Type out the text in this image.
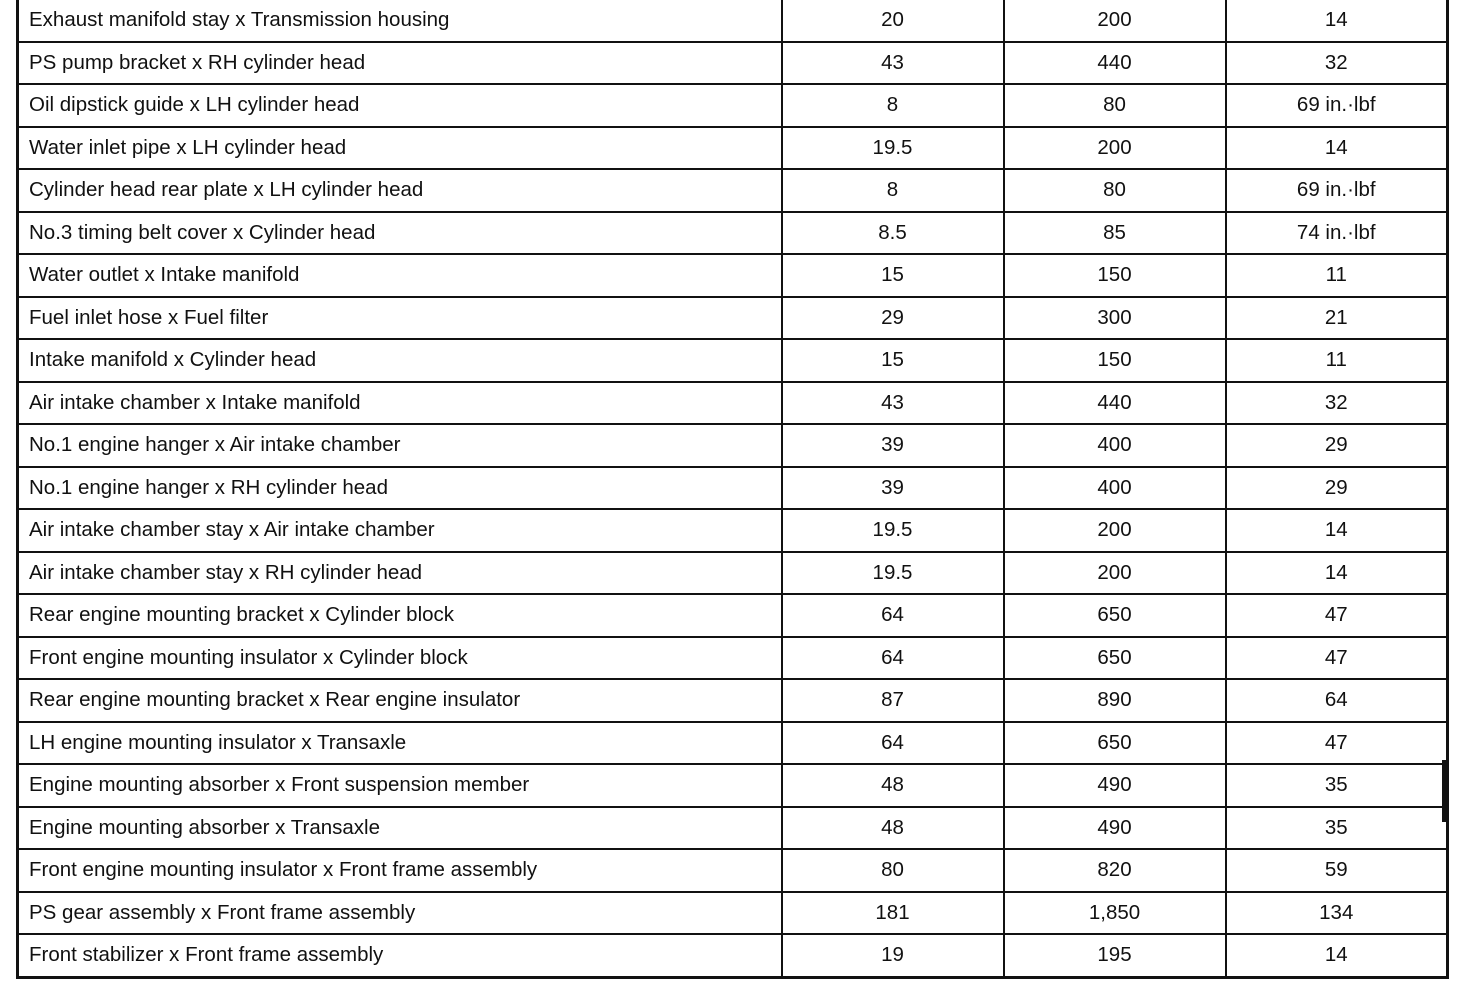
Exhaust manifold stay x Transmission housing	20	200	14
PS pump bracket x RH cylinder head	43	440	32
Oil dipstick guide x LH cylinder head	8	80	69 in.·lbf
Water inlet pipe x LH cylinder head	19.5	200	14
Cylinder head rear plate x LH cylinder head	8	80	69 in.·lbf
No.3 timing belt cover x Cylinder head	8.5	85	74 in.·lbf
Water outlet x Intake manifold	15	150	11
Fuel inlet hose x Fuel filter	29	300	21
Intake manifold x Cylinder head	15	150	11
Air intake chamber x Intake manifold	43	440	32
No.1 engine hanger x Air intake chamber	39	400	29
No.1 engine hanger x RH cylinder head	39	400	29
Air intake chamber stay x Air intake chamber	19.5	200	14
Air intake chamber stay x RH cylinder head	19.5	200	14
Rear engine mounting bracket x Cylinder block	64	650	47
Front engine mounting insulator x Cylinder block	64	650	47
Rear engine mounting bracket x Rear engine insulator	87	890	64
LH engine mounting insulator x Transaxle	64	650	47
Engine mounting absorber x Front suspension member	48	490	35
Engine mounting absorber x Transaxle	48	490	35
Front engine mounting insulator x Front frame assembly	80	820	59
PS gear assembly x Front frame assembly	181	1,850	134
Front stabilizer x Front frame assembly	19	195	14
